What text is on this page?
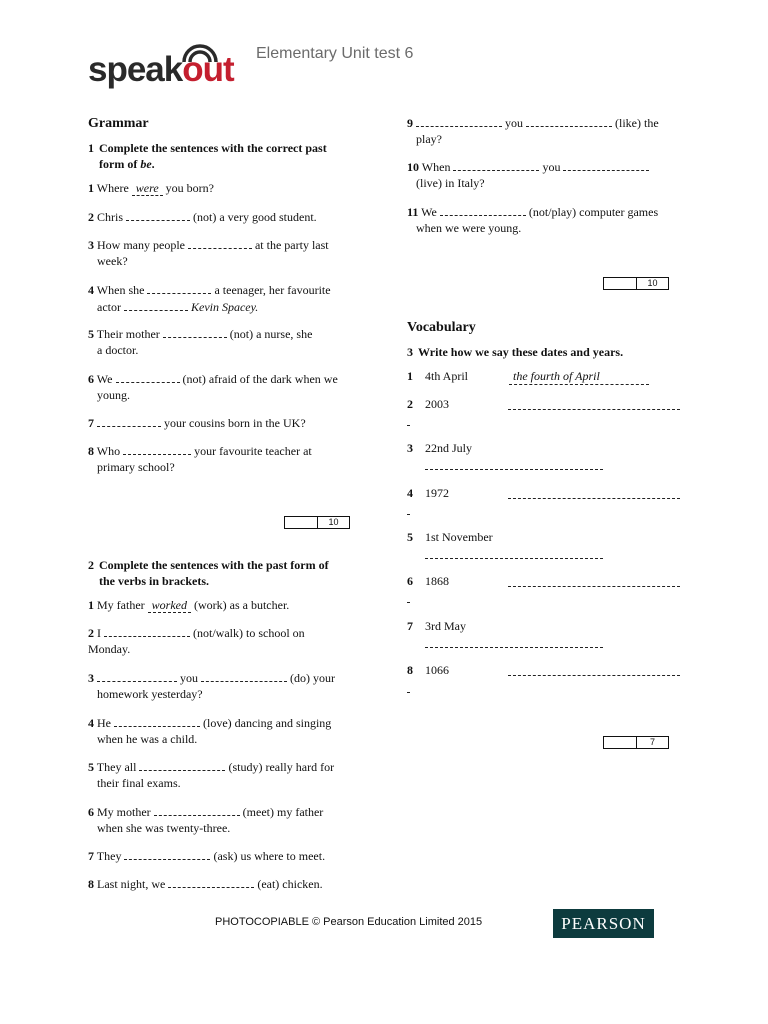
speakout Elementary Unit test 6
Grammar
1 Complete the sentences with the correct past
form of be.
1 Where were you born?
2 Chris	(not) a very good student.
3 How many people	at the party last
week?
4 When she	a teenager, her favourite
actor	Kevin Spacey.
5 Their mother	(not) a nurse, she
a doctor.
6 We	(not) afraid of the dark when we
young.
7	your cousins born in the UK?
8 Who	your favourite teacher at
primary school?
10
2 Complete the sentences with the past form of
the verbs in brackets.
1 My father worked (work) as a butcher.
2 I	(not/walk) to school on
Monday.
3	you	(do) your
homework yesterday?
4 He	(love) dancing and singing
when he was a child.
5 They all	(study) really hard for
their final exams.
6 My mother	(meet) my father
when she was twenty-three.
7 They	(ask) us where to meet.
8 Last night, we	(eat) chicken.
9	you	(like) the
play?
10 When	you
(live) in Italy?
11 We	(not/play) computer games
when we were young.
10
Vocabulary
3 Write how we say these dates and years.
1 4th April	the fourth of April
2 2003
3 22nd July
4 1972
5 1st November
6 1868
7 3rd May
8 1066
7
PHOTOCOPIABLE © Pearson Education Limited 2015	PEARSON
